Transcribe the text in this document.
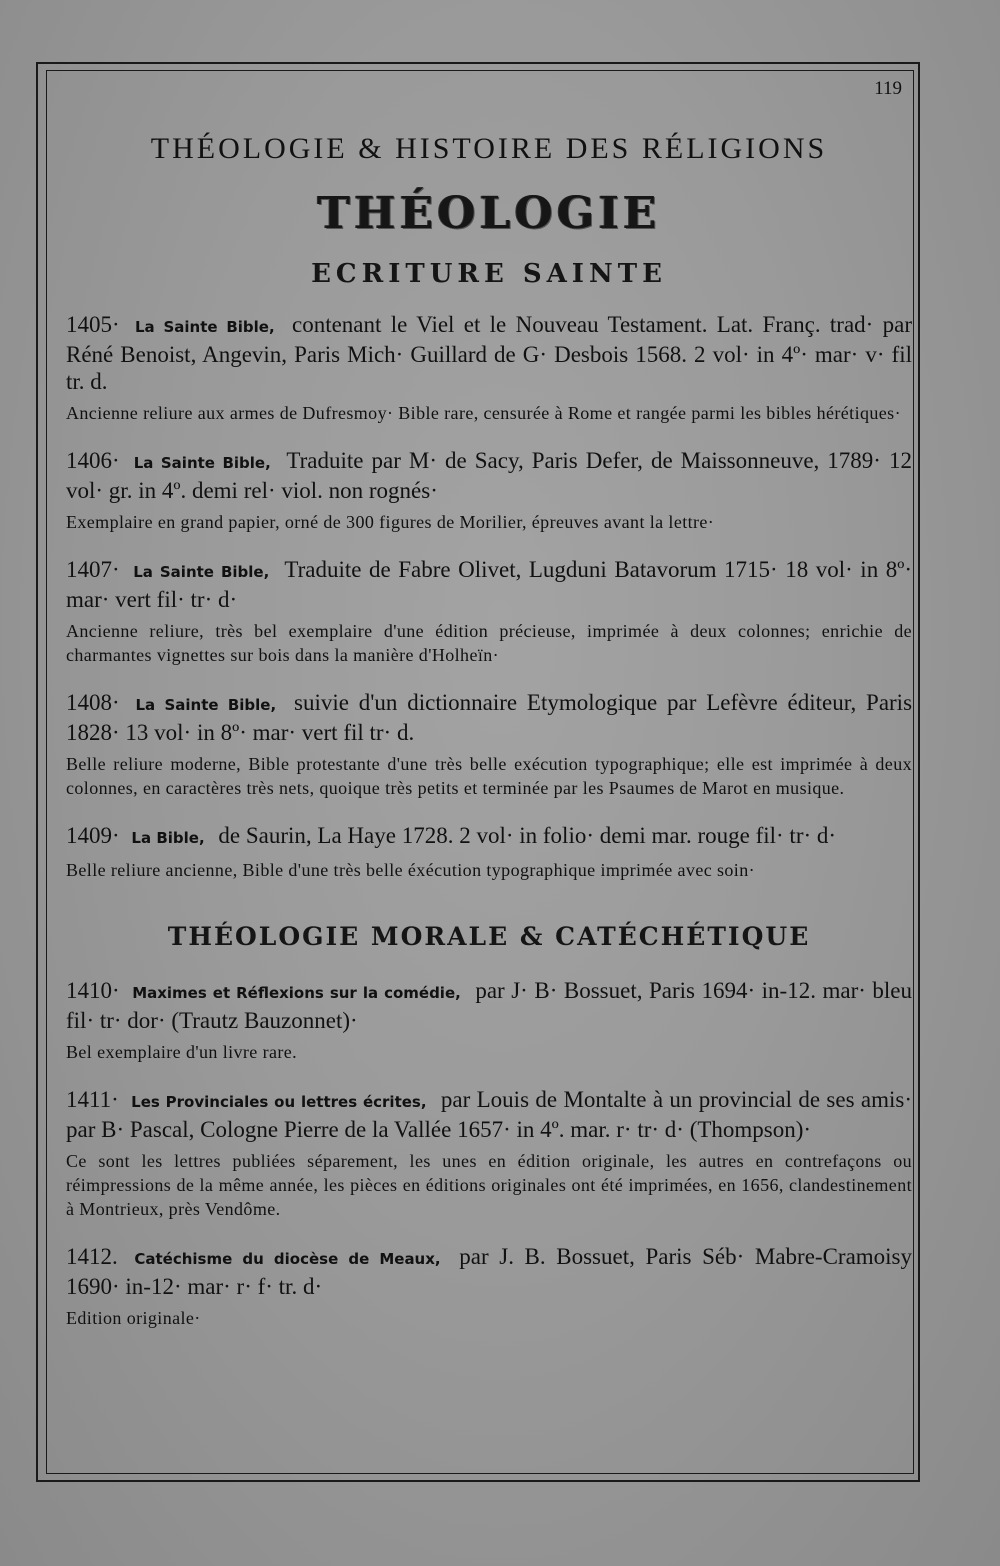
119
THÉOLOGIE & HISTOIRE DES RÉLIGIONS
THÉOLOGIE
ECRITURE SAINTE
1405· La Sainte Bible, contenant le Viel et le Nouveau Testament. Lat. Franç. trad· par Réné Benoist, Angevin, Paris Mich· Guillard de G· Desbois 1568. 2 vol· in 4º· mar· v· fil tr. d.
Ancienne reliure aux armes de Dufresmoy· Bible rare, censurée à Rome et rangée parmi les bibles hérétiques·
1406· La Sainte Bible, Traduite par M· de Sacy, Paris Defer, de Maissonneuve, 1789· 12 vol· gr. in 4º. demi rel· viol. non rognés·
Exemplaire en grand papier, orné de 300 figures de Morilier, épreuves avant la lettre·
1407· La Sainte Bible, Traduite de Fabre Olivet, Lugduni Batavorum 1715· 18 vol· in 8º· mar· vert fil· tr· d·
Ancienne reliure, très bel exemplaire d'une édition précieuse, imprimée à deux colonnes; enrichie de charmantes vignettes sur bois dans la manière d'Holheïn·
1408· La Sainte Bible, suivie d'un dictionnaire Etymologique par Lefèvre éditeur, Paris 1828· 13 vol· in 8º· mar· vert fil tr· d.
Belle reliure moderne, Bible protestante d'une très belle exécution typographique; elle est imprimée à deux colonnes, en caractères très nets, quoique très petits et terminée par les Psaumes de Marot en musique.
1409· La Bible, de Saurin, La Haye 1728. 2 vol· in folio· demi mar. rouge fil· tr· d·
Belle reliure ancienne, Bible d'une très belle éxécution typographique imprimée avec soin·
THÉOLOGIE MORALE & CATÉCHÉTIQUE
1410· Maximes et Réflexions sur la comédie, par J· B· Bossuet, Paris 1694· in-12. mar· bleu fil· tr· dor· (Trautz Bauzonnet)·
Bel exemplaire d'un livre rare.
1411· Les Provinciales ou lettres écrites, par Louis de Montalte à un provincial de ses amis· par B· Pascal, Cologne Pierre de la Vallée 1657· in 4º. mar. r· tr· d· (Thompson)·
Ce sont les lettres publiées séparement, les unes en édition originale, les autres en contrefaçons ou réimpressions de la même année, les pièces en éditions originales ont été imprimées, en 1656, clandestinement à Montrieux, près Vendôme.
1412. Catéchisme du diocèse de Meaux, par J. B. Bossuet, Paris Séb· Mabre-Cramoisy 1690· in-12· mar· r· f· tr. d·
Edition originale·
